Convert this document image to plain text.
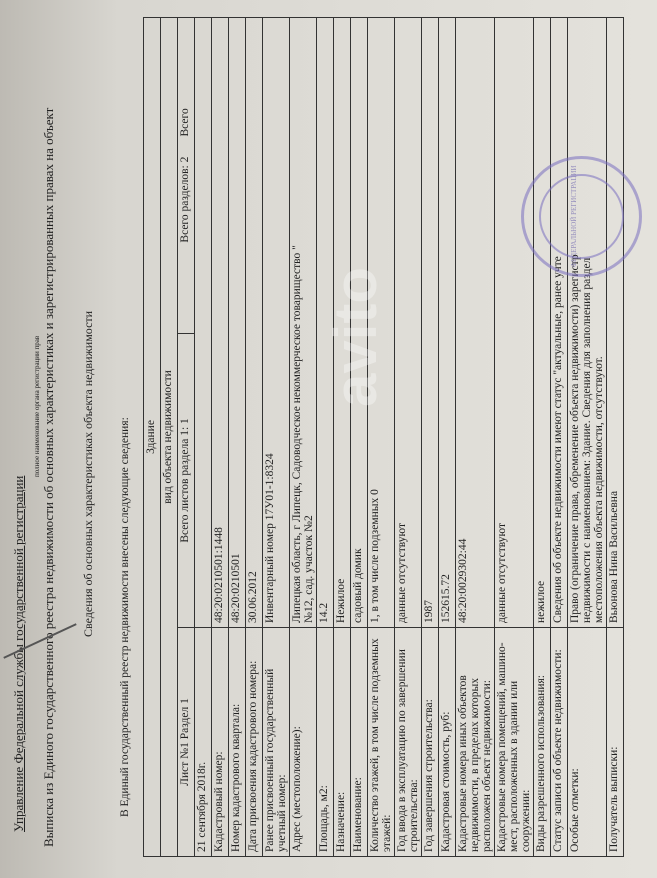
Управление Федеральной службы государственной регистрации
полное наименование органа регистрации прав Выписка из Единого государственного реестра недвижимости об основных характеристиках и зарегистрированных правах на объект Сведения об основных характеристиках объекта недвижимости В Единый государственный реестр недвижимости внесены следующие сведения: Здание		
вид объекта недвижимости		
Лист №1 Раздел 1	Всего листов раздела 1: 1	Всего разделов: 2       Всего
21 сентября 2018г.		
Кадастровый номер:	48:20:0210501:1448	
Номер кадастрового квартала:	48:20:0210501	
Дата присвоения кадастрового номера:	30.06.2012	
Ранее присвоенный государственный учетный номер:	Инвентарный номер 17У01-1:8324	
Адрес (местоположение):	Липецкая область, г Липецк, Садоводческое некоммерческое товарищество " №12, сад. участок №2	

Площадь, м2:	14.2	
Назначение:	Нежилое	
Наименование:	садовый домик	
Количество этажей, в том числе подземных этажей:	1, в том числе подземных 0	
Год ввода в эксплуатацию по завершении строительства:	данные отсутствуют	
Год завершения строительства:	1987	
Кадастровая стоимость, руб:	152615.72	
Кадастровые номера иных объектов недвижимости, в пределах которых расположен объект недвижимости:	48:20:0029302:44	
Кадастровые номера помещений, машино-мест, расположенных в здании или сооружении:	данные отсутствуют	
Виды разрешенного использования:	нежилое	
Статус записи об объекте недвижимости:	Сведения об объекте недвижимости имеют статус "актуальные, ранее учте	
Особые отметки:	Право (ограничение права, обременение объекта недвижимости) зарегистр недвижимости с наименованием: Здание. Сведения для заполнения раздел местоположения объекта недвижимости, отсутствуют.	

Получатель выписки:	Вьюнова Нина Васильевна	
avito
ФЕДЕРАЛЬНОЙ РЕГИСТРАЦИИ
